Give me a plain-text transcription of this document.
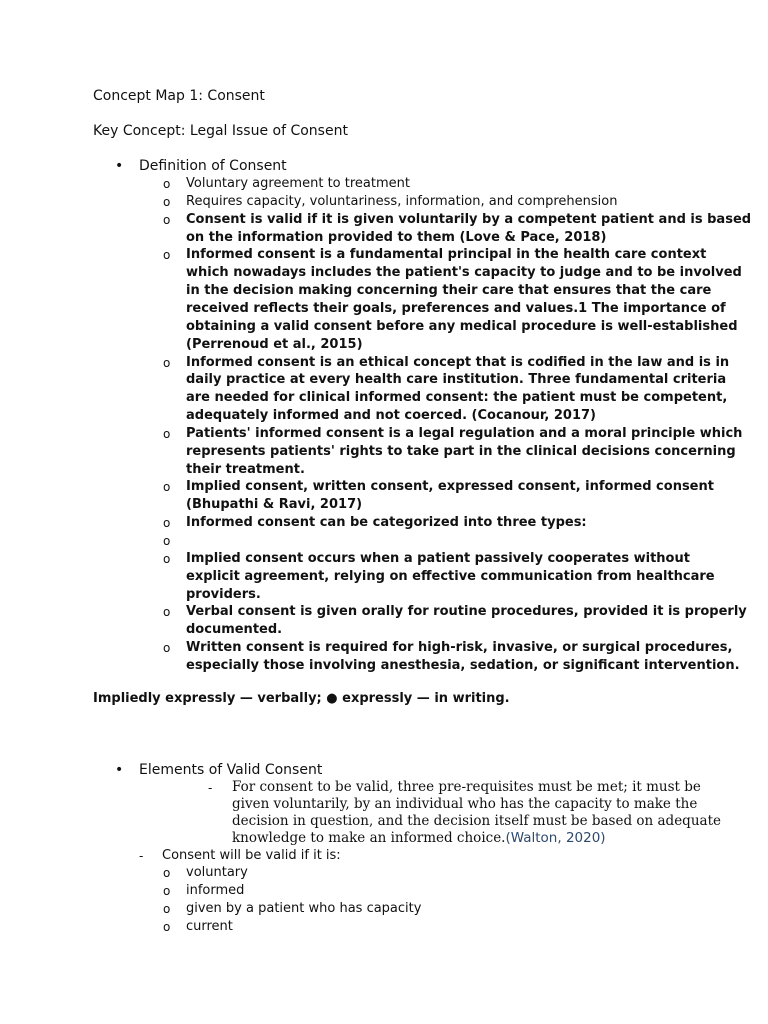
Concept Map 1: Consent
Key Concept: Legal Issue of Consent
• Definition of Consent
o Voluntary agreement to treatment
o Requires capacity, voluntariness, information, and comprehension
o Consent is valid if it is given voluntarily by a competent patient and is based
on the information provided to them (Love & Pace, 2018)
o Informed consent is a fundamental principal in the health care context
which nowadays includes the patient's capacity to judge and to be involved
in the decision making concerning their care that ensures that the care
received reflects their goals, preferences and values.1 The importance of
obtaining a valid consent before any medical procedure is well-established
(Perrenoud et al., 2015)
o Informed consent is an ethical concept that is codified in the law and is in
daily practice at every health care institution. Three fundamental criteria
are needed for clinical informed consent: the patient must be competent,
adequately informed and not coerced. (Cocanour, 2017)
o Patients' informed consent is a legal regulation and a moral principle which
represents patients' rights to take part in the clinical decisions concerning
their treatment.
o Implied consent, written consent, expressed consent, informed consent
(Bhupathi & Ravi, 2017)
o Informed consent can be categorized into three types:
o
o Implied consent occurs when a patient passively cooperates without
explicit agreement, relying on effective communication from healthcare
providers.
o Verbal consent is given orally for routine procedures, provided it is properly
documented.
o Written consent is required for high-risk, invasive, or surgical procedures,
especially those involving anesthesia, sedation, or significant intervention.
Impliedly expressly — verbally; ● expressly — in writing.
• Elements of Valid Consent
- For consent to be valid, three pre-requisites must be met; it must be
given voluntarily, by an individual who has the capacity to make the
decision in question, and the decision itself must be based on adequate
knowledge to make an informed choice.(Walton, 2020)
- Consent will be valid if it is:
o voluntary
o informed
o given by a patient who has capacity
o current
